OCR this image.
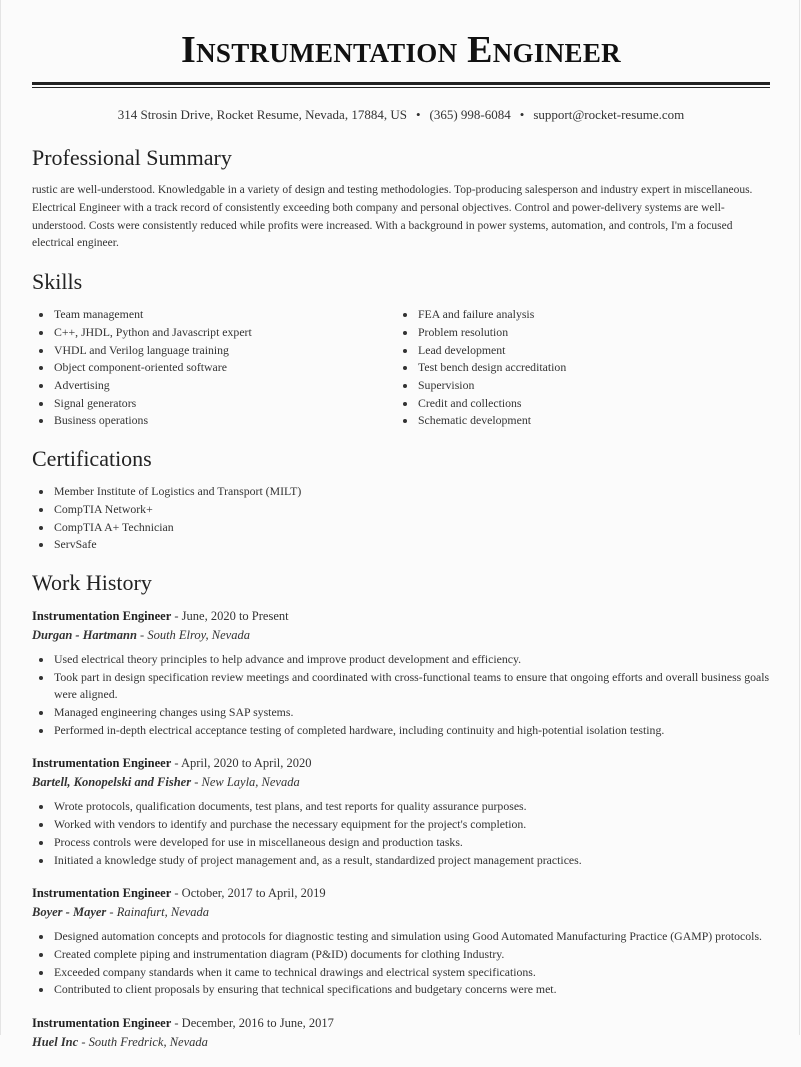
Instrumentation Engineer
314 Strosin Drive, Rocket Resume, Nevada, 17884, US • (365) 998-6084 • support@rocket-resume.com
Professional Summary

rustic are well-understood. Knowledgable in a variety of design and testing methodologies. Top-producing salesperson and industry expert in miscellaneous. Electrical Engineer with a track record of consistently exceeding both company and personal objectives. Control and power-delivery systems are well-understood. Costs were consistently reduced while profits were increased. With a background in power systems, automation, and controls, I'm a focused electrical engineer.

Skills
Team management
C++, JHDL, Python and Javascript expert
VHDL and Verilog language training
Object component-oriented software
Advertising
Signal generators
Business operations
FEA and failure analysis
Problem resolution
Lead development
Test bench design accreditation
Supervision
Credit and collections
Schematic development
Certifications
Member Institute of Logistics and Transport (MILT)
CompTIA Network+
CompTIA A+ Technician
ServSafe
Work History
Instrumentation Engineer - June, 2020 to Present
Durgan - Hartmann - South Elroy, Nevada
Used electrical theory principles to help advance and improve product development and efficiency.
Took part in design specification review meetings and coordinated with cross-functional teams to ensure that ongoing efforts and overall business goals were aligned.
Managed engineering changes using SAP systems.
Performed in-depth electrical acceptance testing of completed hardware, including continuity and high-potential isolation testing.
Instrumentation Engineer - April, 2020 to April, 2020
Bartell, Konopelski and Fisher - New Layla, Nevada
Wrote protocols, qualification documents, test plans, and test reports for quality assurance purposes.
Worked with vendors to identify and purchase the necessary equipment for the project's completion.
Process controls were developed for use in miscellaneous design and production tasks.
Initiated a knowledge study of project management and, as a result, standardized project management practices.
Instrumentation Engineer - October, 2017 to April, 2019
Boyer - Mayer - Rainafurt, Nevada
Designed automation concepts and protocols for diagnostic testing and simulation using Good Automated Manufacturing Practice (GAMP) protocols.
Created complete piping and instrumentation diagram (P&ID) documents for clothing Industry.
Exceeded company standards when it came to technical drawings and electrical system specifications.
Contributed to client proposals by ensuring that technical specifications and budgetary concerns were met.
Instrumentation Engineer - December, 2016 to June, 2017
Huel Inc - South Fredrick, Nevada
